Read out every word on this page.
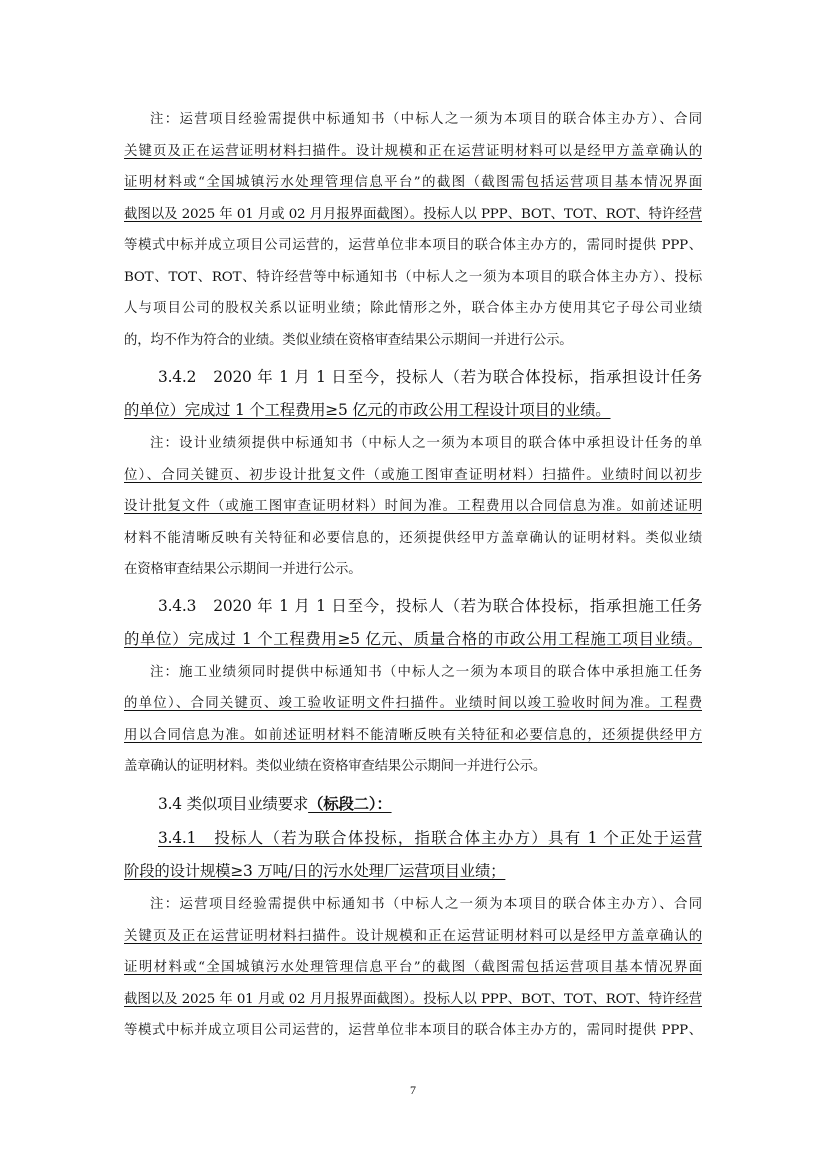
注：运营项目经验需提供中标通知书（中标人之一须为本项目的联合体主办方）、合同
关键页及正在运营证明材料扫描件。设计规模和正在运营证明材料可以是经甲方盖章确认的
证明材料或“全国城镇污水处理管理信息平台”的截图（截图需包括运营项目基本情况界面
截图以及 2025 年 01 月或 02 月月报界面截图）。投标人以 PPP、BOT、TOT、ROT、特许经营
等模式中标并成立项目公司运营的，运营单位非本项目的联合体主办方的，需同时提供 PPP、
BOT、TOT、ROT、特许经营等中标通知书（中标人之一须为本项目的联合体主办方）、投标
人与项目公司的股权关系以证明业绩；除此情形之外，联合体主办方使用其它子母公司业绩
的，均不作为符合的业绩。类似业绩在资格审查结果公示期间一并进行公示。
3.4.2　2020 年 1 月 1 日至今，投标人（若为联合体投标，指承担设计任务
的单位）完成过 1 个工程费用≥5 亿元的市政公用工程设计项目的业绩。
注：设计业绩须提供中标通知书（中标人之一须为本项目的联合体中承担设计任务的单
位）、合同关键页、初步设计批复文件（或施工图审查证明材料）扫描件。业绩时间以初步
设计批复文件（或施工图审查证明材料）时间为准。工程费用以合同信息为准。如前述证明
材料不能清晰反映有关特征和必要信息的，还须提供经甲方盖章确认的证明材料。类似业绩
在资格审查结果公示期间一并进行公示。
3.4.3　2020 年 1 月 1 日至今，投标人（若为联合体投标，指承担施工任务
的单位）完成过 1 个工程费用≥5 亿元、质量合格的市政公用工程施工项目业绩。
注：施工业绩须同时提供中标通知书（中标人之一须为本项目的联合体中承担施工任务
的单位）、合同关键页、竣工验收证明文件扫描件。业绩时间以竣工验收时间为准。工程费
用以合同信息为准。如前述证明材料不能清晰反映有关特征和必要信息的，还须提供经甲方
盖章确认的证明材料。类似业绩在资格审查结果公示期间一并进行公示。
3.4 类似项目业绩要求（标段二）：
3.4.1　投标人（若为联合体投标，指联合体主办方）具有 1 个正处于运营
阶段的设计规模≥3 万吨/日的污水处理厂运营项目业绩；
注：运营项目经验需提供中标通知书（中标人之一须为本项目的联合体主办方）、合同
关键页及正在运营证明材料扫描件。设计规模和正在运营证明材料可以是经甲方盖章确认的
证明材料或“全国城镇污水处理管理信息平台”的截图（截图需包括运营项目基本情况界面
截图以及 2025 年 01 月或 02 月月报界面截图）。投标人以 PPP、BOT、TOT、ROT、特许经营
等模式中标并成立项目公司运营的，运营单位非本项目的联合体主办方的，需同时提供 PPP、
7
